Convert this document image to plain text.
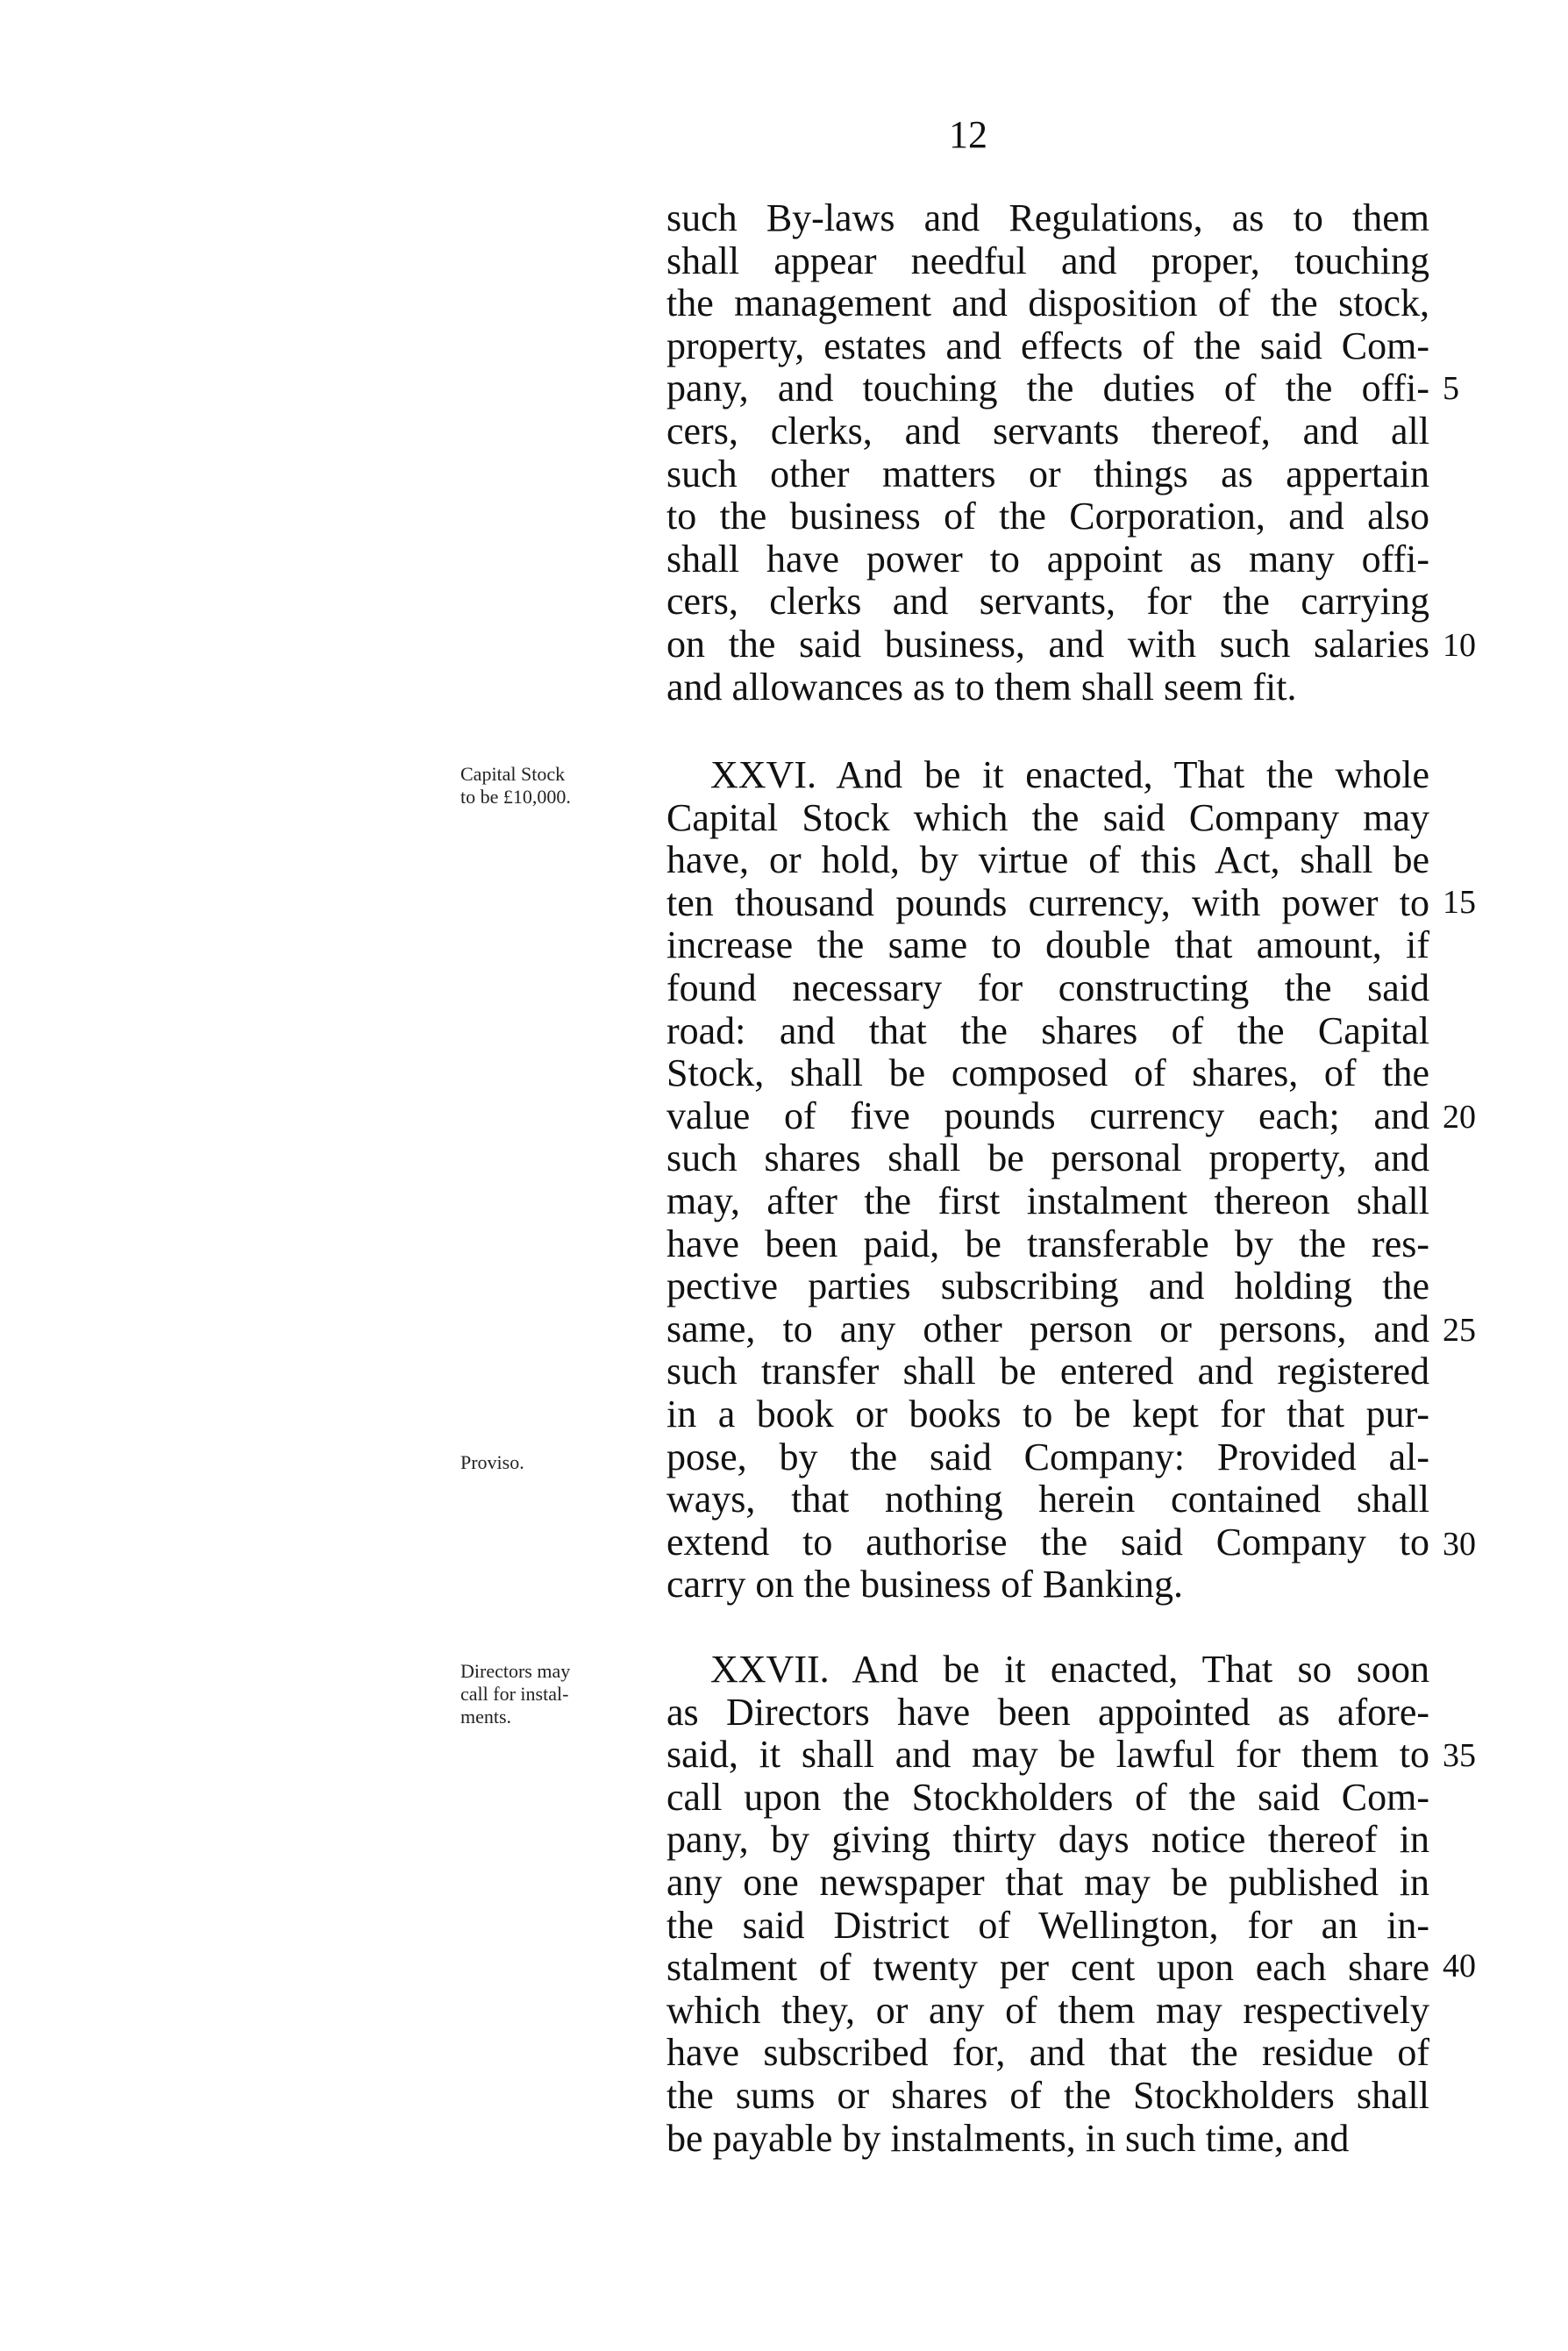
12
such By-laws and Regulations, as to them
shall appear needful and proper, touching
the management and disposition of the stock,
property, estates and effects of the said Com-
pany, and touching the duties of the offi-
cers, clerks, and servants thereof, and all
such other matters or things as appertain
to the business of the Corporation, and also
shall have power to appoint as many offi-
cers, clerks and servants, for the carrying
on the said business, and with such salaries
and allowances as to them shall seem fit.
Capital Stock
to be £10,000.
Proviso.
XXVI. And be it enacted, That the whole
Capital Stock which the said Company may
have, or hold, by virtue of this Act, shall be
ten thousand pounds currency, with power to
increase the same to double that amount, if
found necessary for constructing the said
road: and that the shares of the Capital
Stock, shall be composed of shares, of the
value of five pounds currency each; and
such shares shall be personal property, and
may, after the first instalment thereon shall
have been paid, be transferable by the res-
pective parties subscribing and holding the
same, to any other person or persons, and
such transfer shall be entered and registered
in a book or books to be kept for that pur-
pose, by the said Company: Provided al-
ways, that nothing herein contained shall
extend to authorise the said Company to
carry on the business of Banking.
Directors may
call for instal-
ments.
XXVII. And be it enacted, That so soon
as Directors have been appointed as afore-
said, it shall and may be lawful for them to
call upon the Stockholders of the said Com-
pany, by giving thirty days notice thereof in
any one newspaper that may be published in
the said District of Wellington, for an in-
stalment of twenty per cent upon each share
which they, or any of them may respectively
have subscribed for, and that the residue of
the sums or shares of the Stockholders shall
be payable by instalments, in such time, and
5
10
15
20
25
30
35
40
